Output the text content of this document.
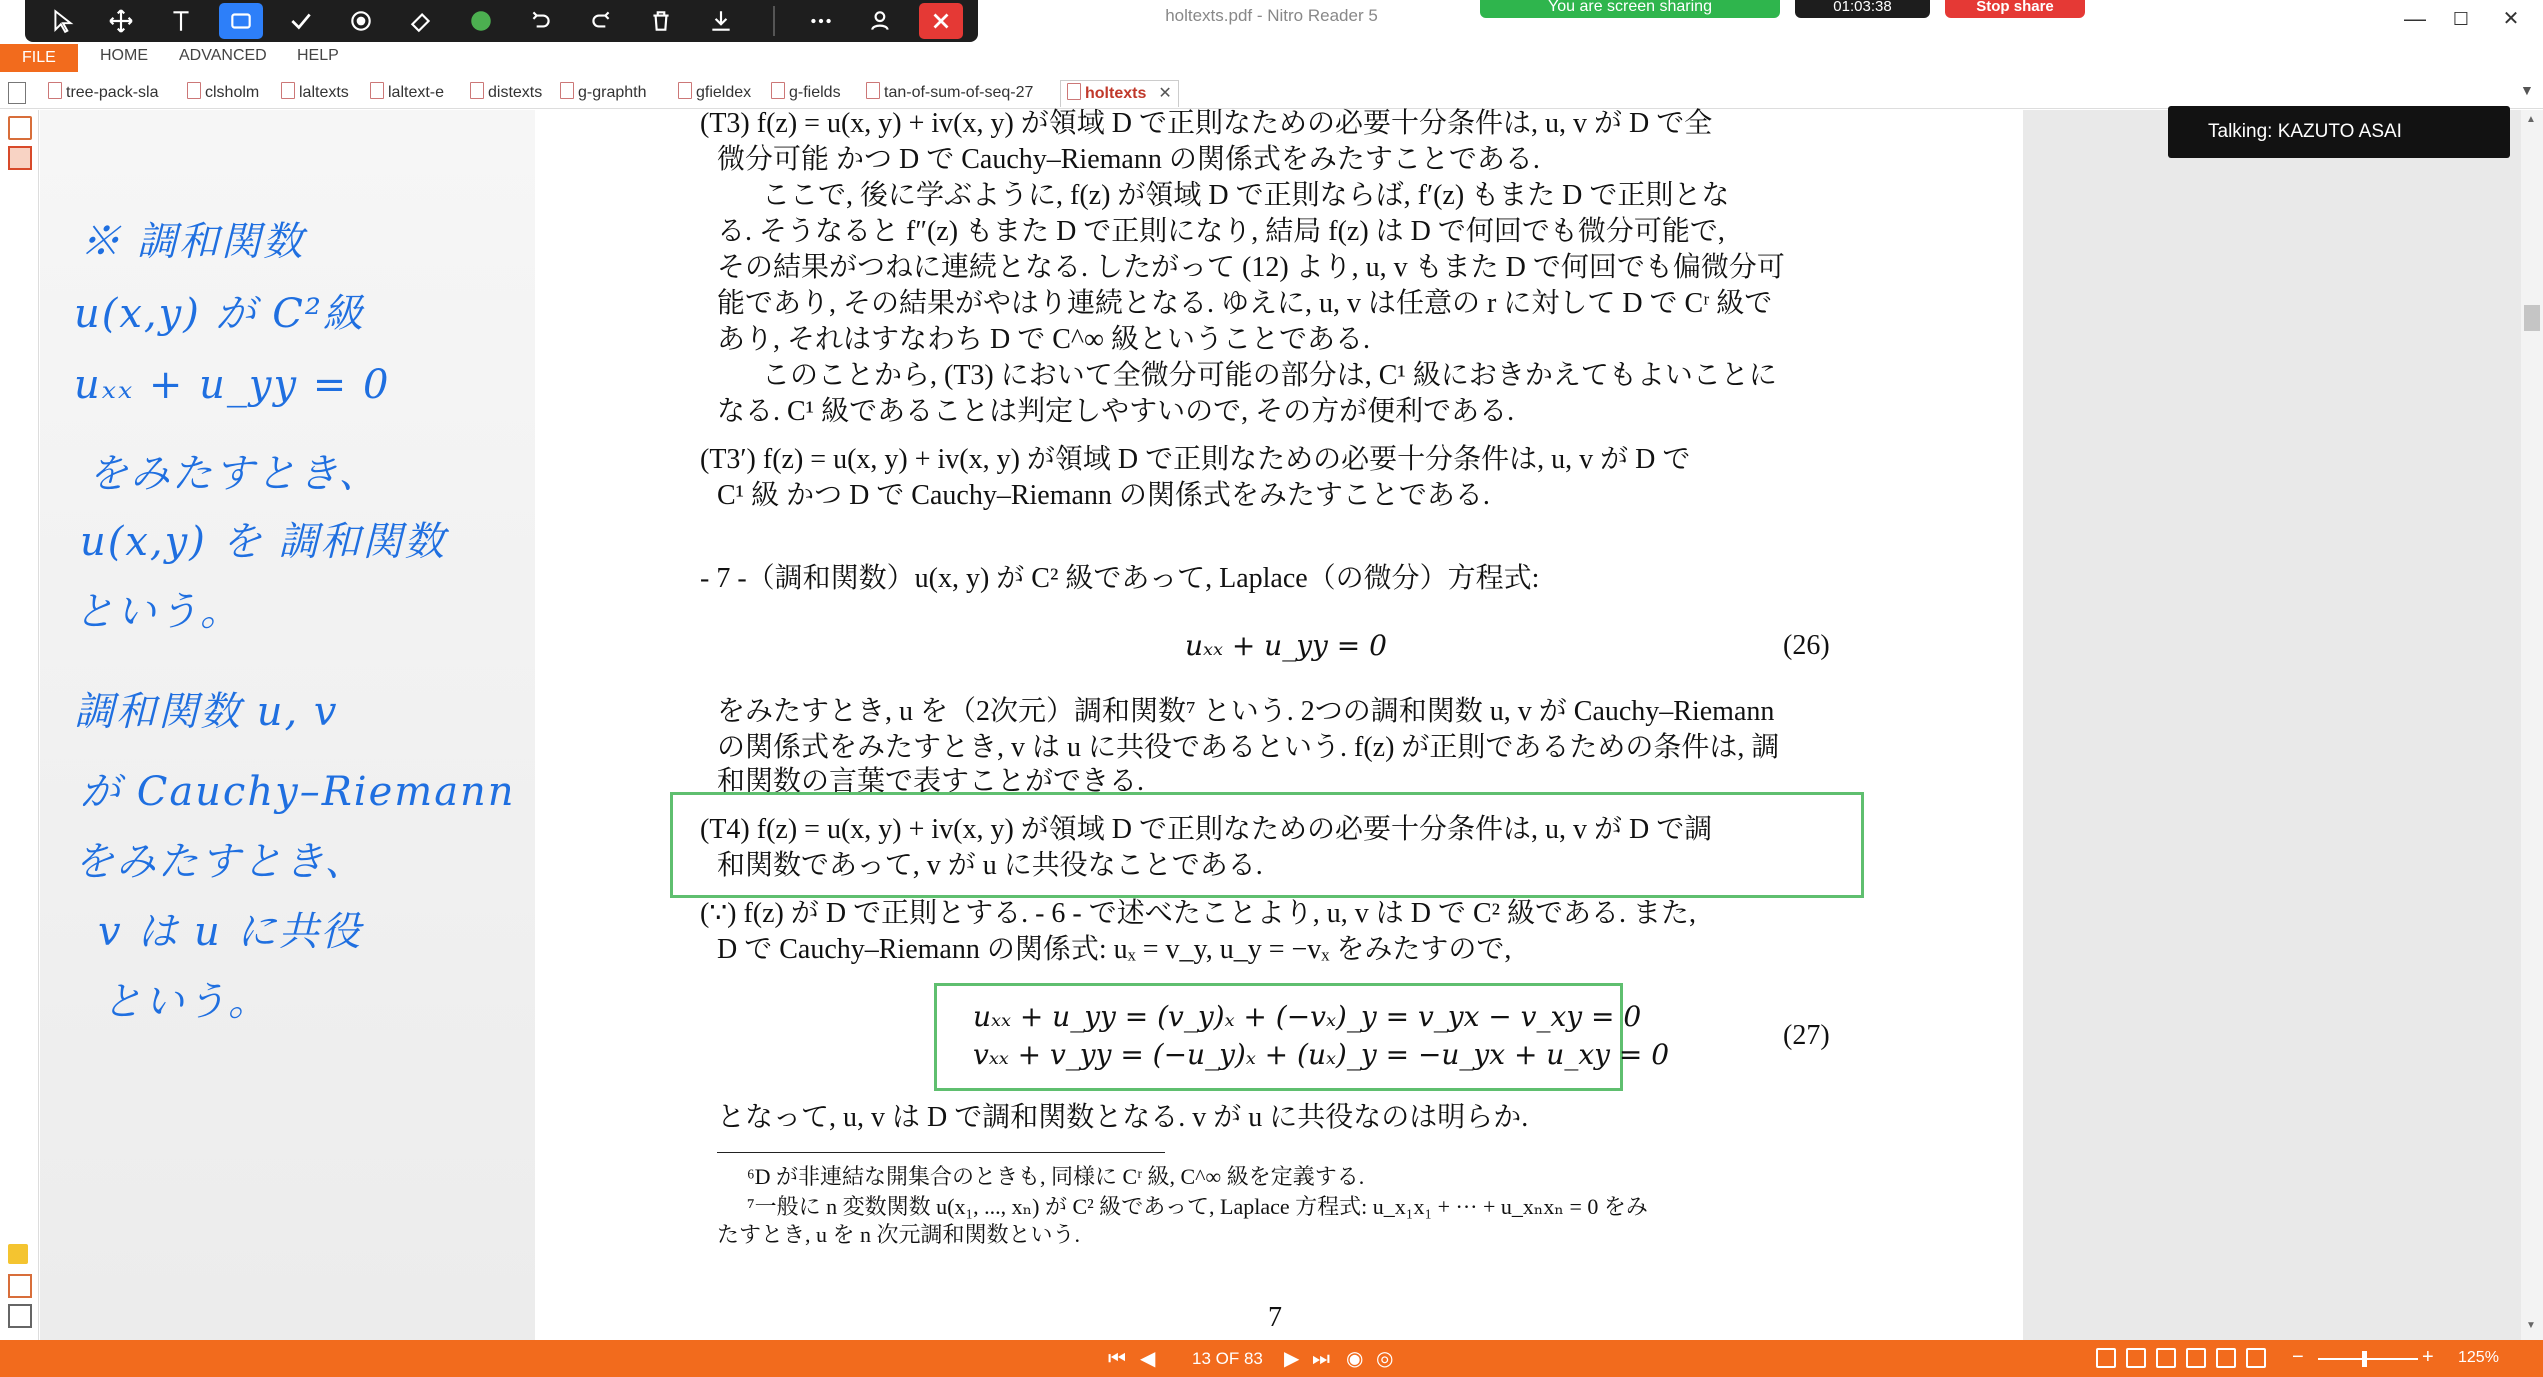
holtexts.pdf - Nitro Reader 5	—	☐	✕
You are screen sharing	01:03:38	Stop share
FILE	HOME	ADVANCED	HELP
tree-pack-sla	clsholm	laltexts	laltext-e	distexts	g-graphth	gfieldex	g-fields	tan-of-sum-of-seq-27	holtexts ✕	▼
※ 調和関数
u(x,y) が C²級
uₓₓ + u_yy = 0
をみたすとき、
u(x,y) を 調和関数
という。
調和関数 u, v
が Cauchy–Riemann
をみたすとき、
v は u に共役
という。
(T3) f(z) = u(x, y) + iv(x, y) が領域 D で正則なための必要十分条件は, u, v が D で全
微分可能 かつ D で Cauchy–Riemann の関係式をみたすことである.
ここで, 後に学ぶように, f(z) が領域 D で正則ならば, f′(z) もまた D で正則とな
る. そうなると f″(z) もまた D で正則になり, 結局 f(z) は D で何回でも微分可能で,
その結果がつねに連続となる. したがって (12) より, u, v もまた D で何回でも偏微分可
能であり, その結果がやはり連続となる. ゆえに, u, v は任意の r に対して D で Cʳ 級で
あり, それはすなわち D で C^∞ 級ということである.
このことから, (T3) において全微分可能の部分は, C¹ 級におきかえてもよいことに
なる. C¹ 級であることは判定しやすいので, その方が便利である.
(T3′) f(z) = u(x, y) + iv(x, y) が領域 D で正則なための必要十分条件は, u, v が D で
C¹ 級 かつ D で Cauchy–Riemann の関係式をみたすことである.
- 7 -（調和関数）u(x, y) が C² 級であって, Laplace（の微分）方程式:
uₓₓ + u_yy = 0	(26)
をみたすとき, u を（2次元）調和関数⁷ という. 2つの調和関数 u, v が Cauchy–Riemann
の関係式をみたすとき, v は u に共役であるという. f(z) が正則であるための条件は, 調
和関数の言葉で表すことができる.
(T4) f(z) = u(x, y) + iv(x, y) が領域 D で正則なための必要十分条件は, u, v が D で調
和関数であって, v が u に共役なことである.
(∵) f(z) が D で正則とする. - 6 - で述べたことより, u, v は D で C² 級である. また,
D で Cauchy–Riemann の関係式: uₓ = v_y, u_y = −vₓ をみたすので,
uₓₓ + u_yy = (v_y)ₓ + (−vₓ)_y = v_yx − v_xy = 0
vₓₓ + v_yy = (−u_y)ₓ + (uₓ)_y = −u_yx + u_xy = 0
(27)
となって, u, v は D で調和関数となる. v が u に共役なのは明らか.
⁶D が非連結な開集合のときも, 同様に Cʳ 級, C^∞ 級を定義する.
⁷一般に n 変数関数 u(x₁, ..., xₙ) が C² 級であって, Laplace 方程式: u_x₁x₁ + ··· + u_xₙxₙ = 0 をみ
たすとき, u を n 次元調和関数という.
7
Talking: KAZUTO ASAI
▲
▼
⏮ ◀ 13 OF 83 ▶ ⏭ ◉ ◎	−	+ 125%
